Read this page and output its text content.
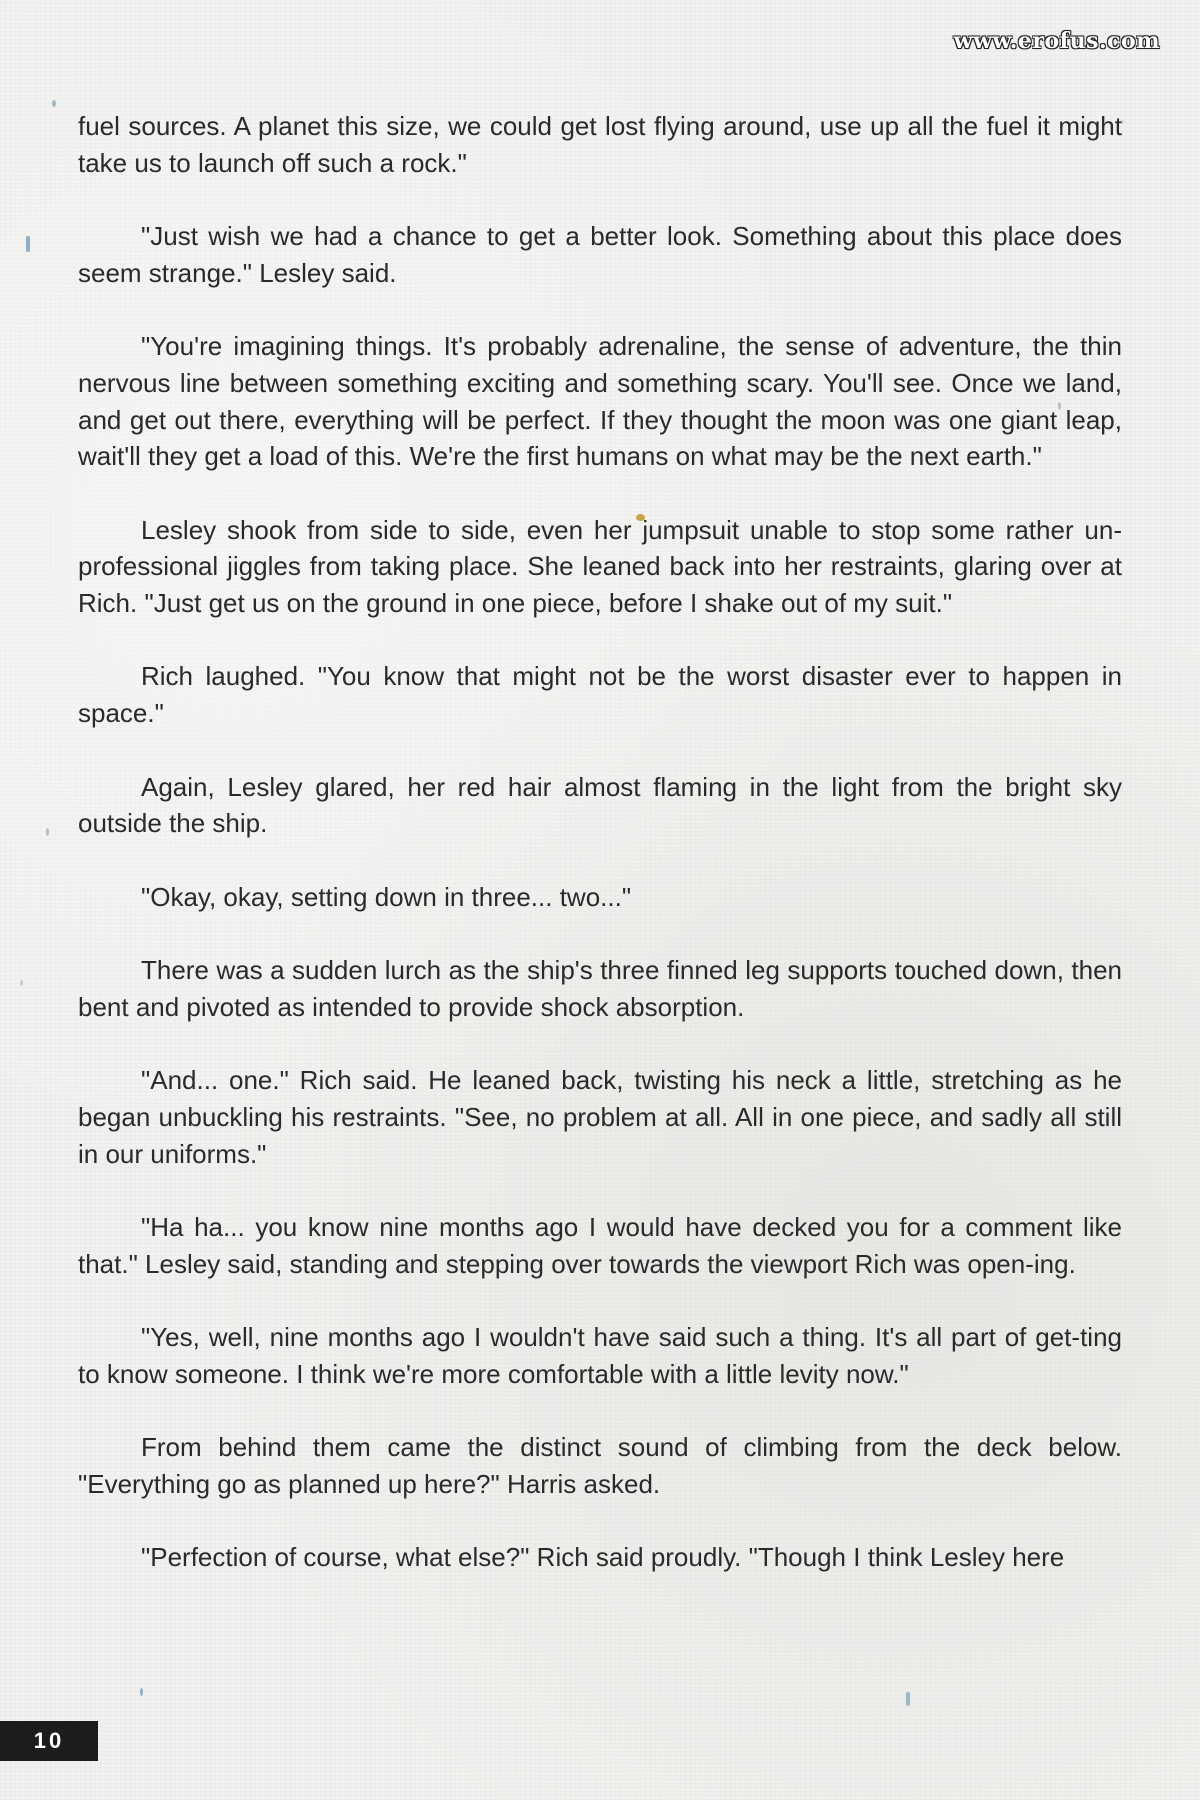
www.erofus.com

fuel sources. A planet this size, we could get lost flying around, use up all the fuel it might take us to launch off such a rock."

"Just wish we had a chance to get a better look. Something about this place does seem strange." Lesley said.

"You're imagining things. It's probably adrenaline, the sense of adventure, the thin nervous line between something exciting and something scary. You'll see. Once we land, and get out there, everything will be perfect. If they thought the moon was one giant leap, wait'll they get a load of this. We're the first humans on what may be the next earth."

Lesley shook from side to side, even her jumpsuit unable to stop some rather un-professional jiggles from taking place. She leaned back into her restraints, glaring over at Rich. "Just get us on the ground in one piece, before I shake out of my suit."

Rich laughed. "You know that might not be the worst disaster ever to happen in space."

Again, Lesley glared, her red hair almost flaming in the light from the bright sky outside the ship.

"Okay, okay, setting down in three... two..."

There was a sudden lurch as the ship's three finned leg supports touched down, then bent and pivoted as intended to provide shock absorption.

"And... one." Rich said. He leaned back, twisting his neck a little, stretching as he began unbuckling his restraints. "See, no problem at all. All in one piece, and sadly all still in our uniforms."

"Ha ha... you know nine months ago I would have decked you for a comment like that." Lesley said, standing and stepping over towards the viewport Rich was open-ing.

"Yes, well, nine months ago I wouldn't have said such a thing. It's all part of get-ting to know someone. I think we're more comfortable with a little levity now."

From behind them came the distinct sound of climbing from the deck below. "Everything go as planned up here?" Harris asked.

"Perfection of course, what else?" Rich said proudly. "Though I think Lesley here

10
